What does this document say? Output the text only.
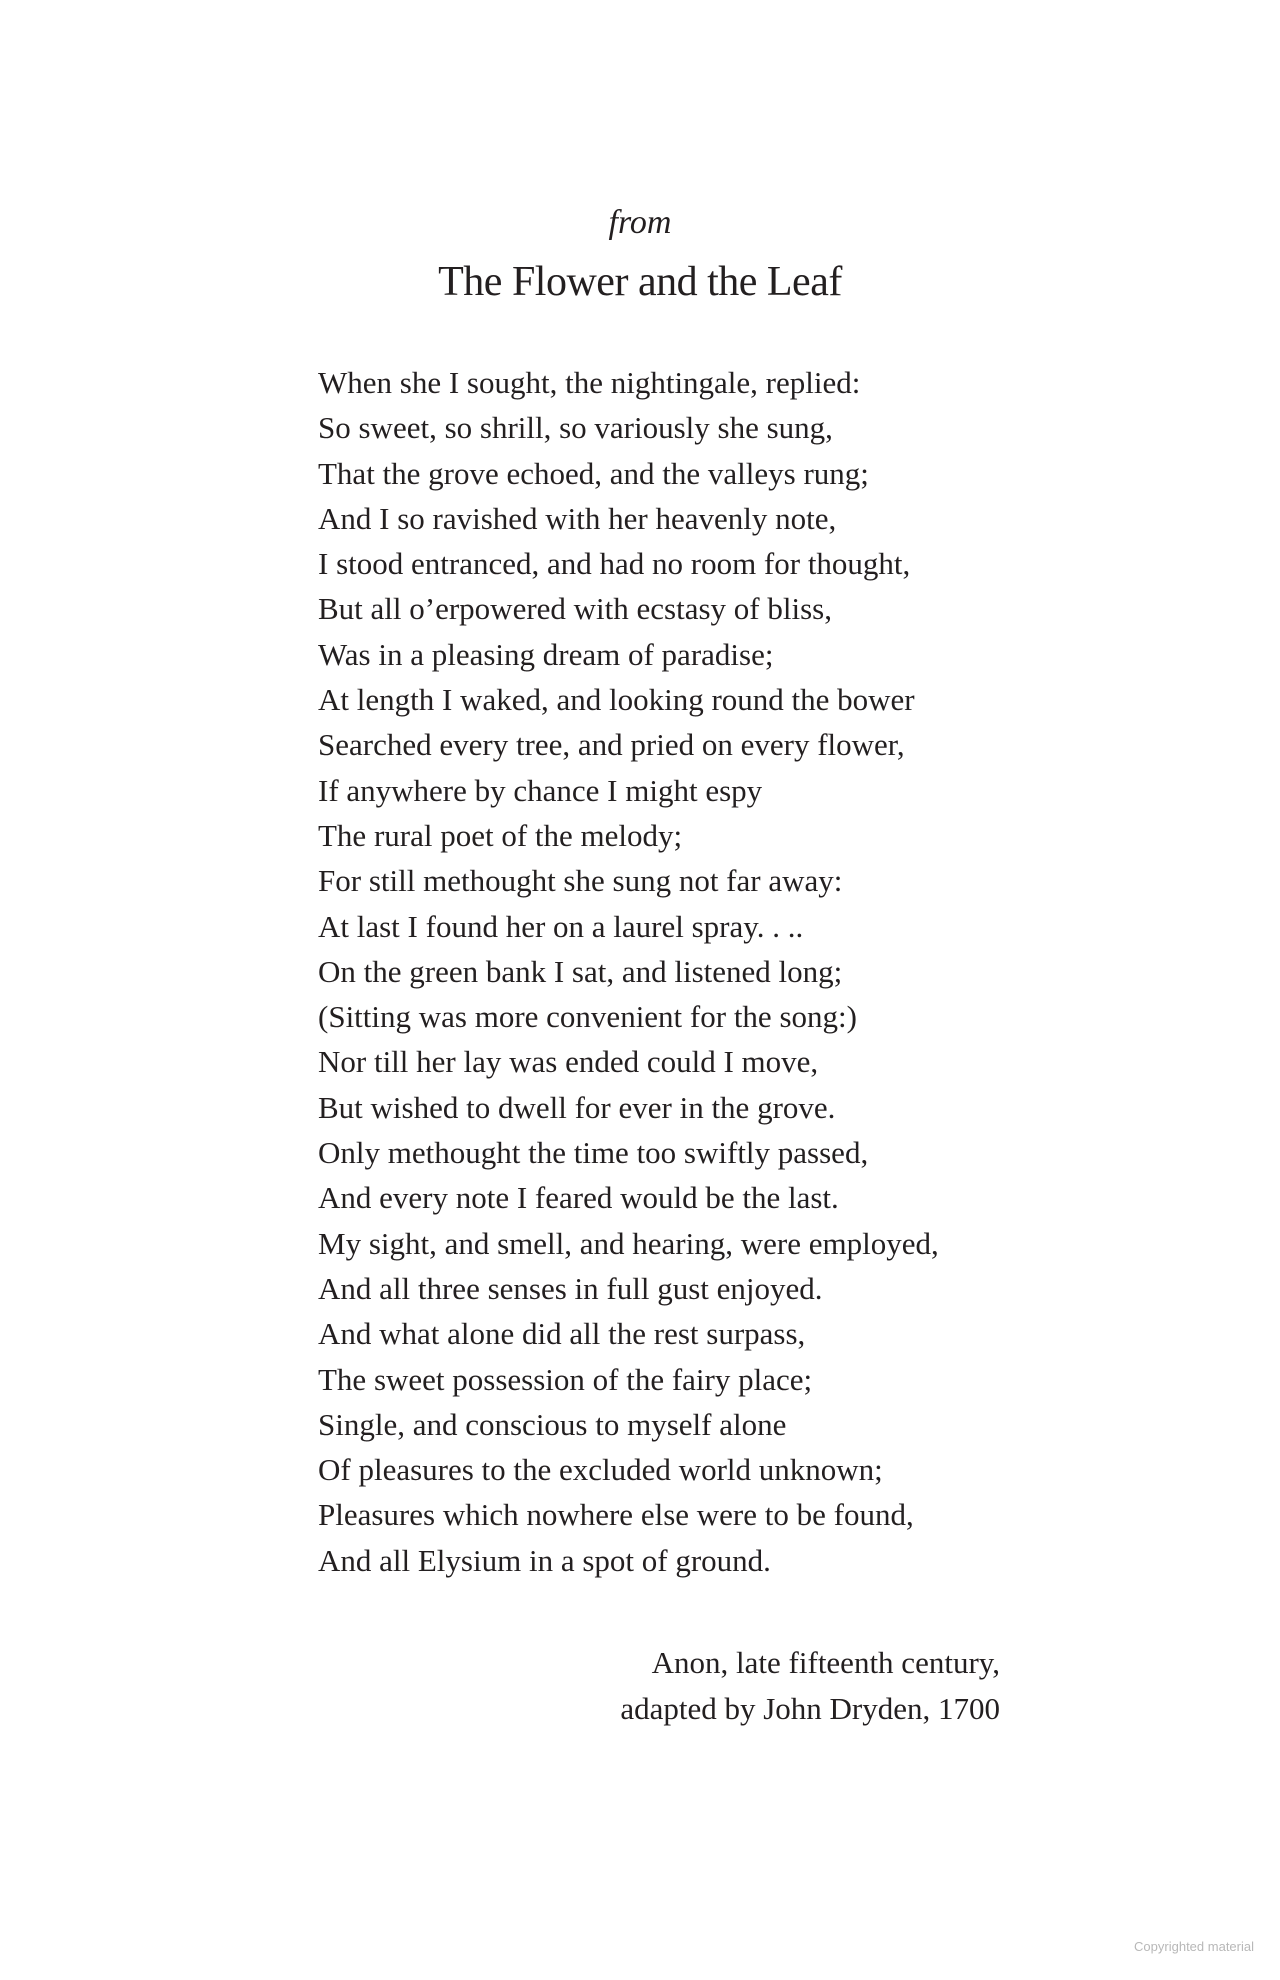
from
The Flower and the Leaf
When she I sought, the nightingale, replied:
So sweet, so shrill, so variously she sung,
That the grove echoed, and the valleys rung;
And I so ravished with her heavenly note,
I stood entranced, and had no room for thought,
But all o’erpowered with ecstasy of bliss,
Was in a pleasing dream of paradise;
At length I waked, and looking round the bower
Searched every tree, and pried on every flower,
If anywhere by chance I might espy
The rural poet of the melody;
For still methought she sung not far away:
At last I found her on a laurel spray. . ..
On the green bank I sat, and listened long;
(Sitting was more convenient for the song:)
Nor till her lay was ended could I move,
But wished to dwell for ever in the grove.
Only methought the time too swiftly passed,
And every note I feared would be the last.
My sight, and smell, and hearing, were employed,
And all three senses in full gust enjoyed.
And what alone did all the rest surpass,
The sweet possession of the fairy place;
Single, and conscious to myself alone
Of pleasures to the excluded world unknown;
Pleasures which nowhere else were to be found,
And all Elysium in a spot of ground.
Anon, late fifteenth century,
adapted by John Dryden, 1700
Copyrighted material
